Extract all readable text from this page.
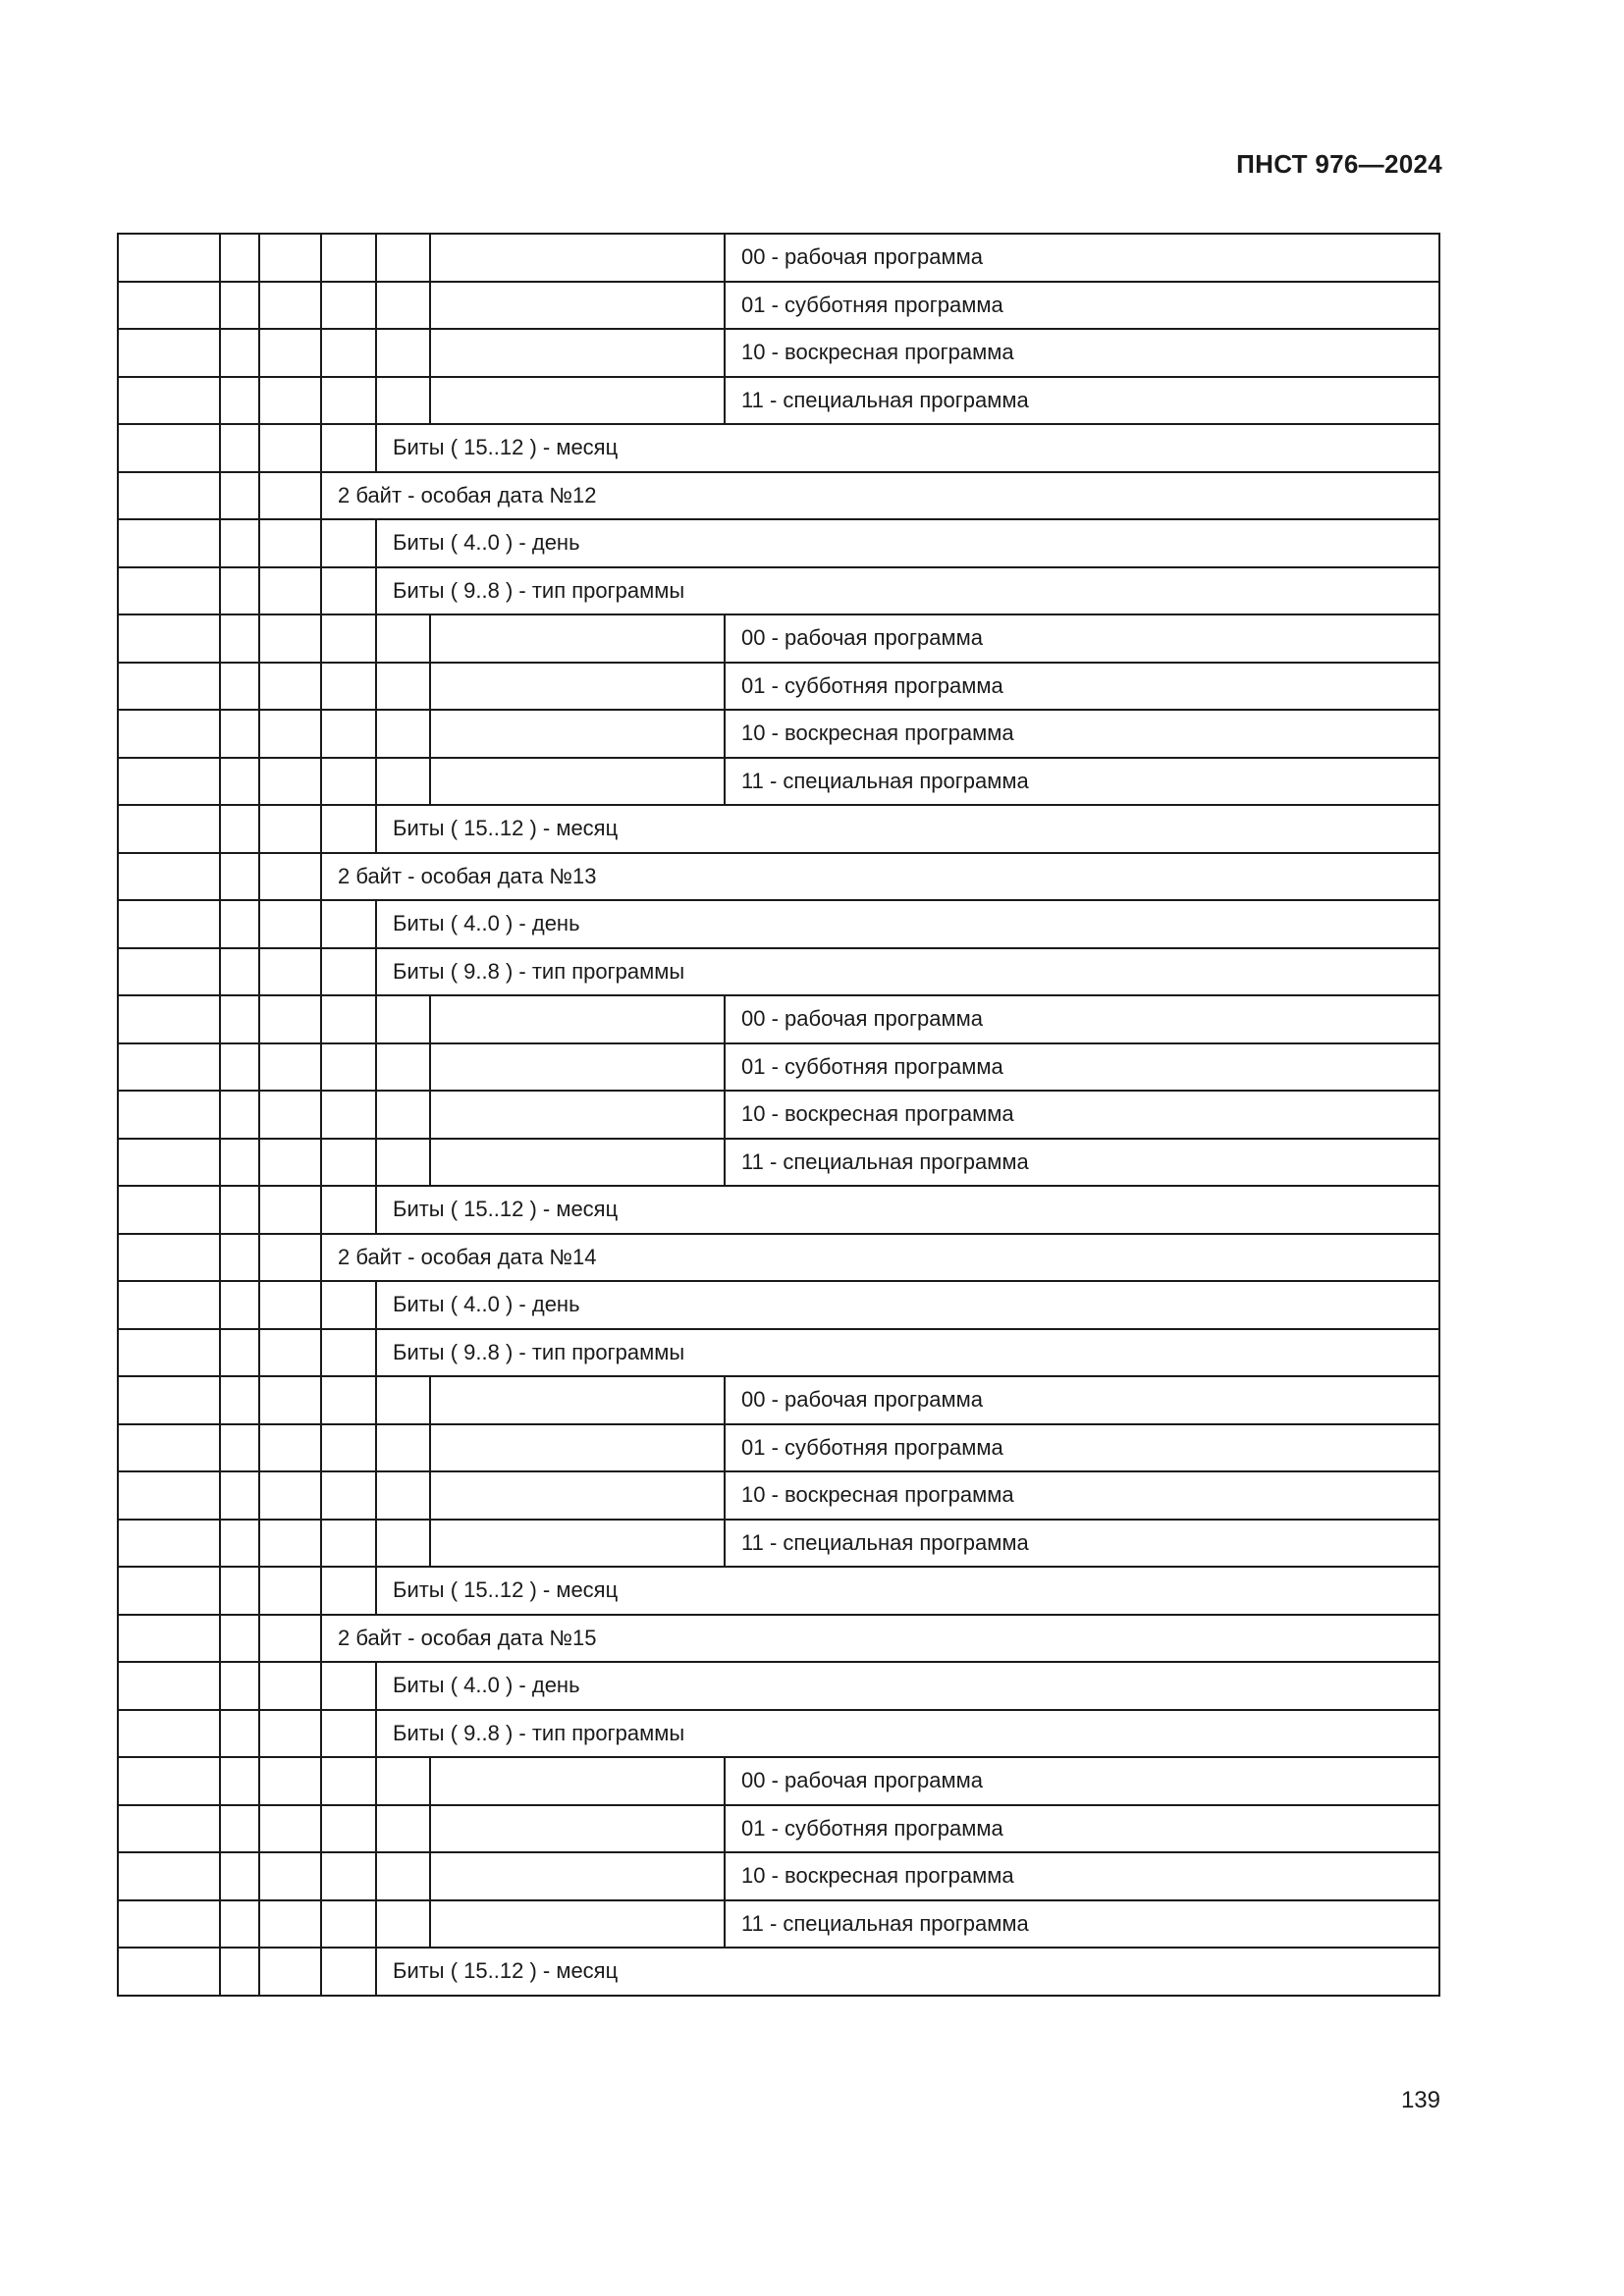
ПНСТ 976—2024
						00 - рабочая программа
						01 - субботняя программа
						10 - воскресная программа
						11 - специальная программа
				Биты ( 15..12 ) - месяц		
			2 байт - особая дата №12			
				Биты ( 4..0 ) - день		
				Биты ( 9..8 ) - тип программы		
						00 - рабочая программа
						01 - субботняя программа
						10 - воскресная программа
						11 - специальная программа
				Биты ( 15..12 ) - месяц		
			2 байт - особая дата №13			
				Биты ( 4..0 ) - день		
				Биты ( 9..8 ) - тип программы		
						00 - рабочая программа
						01 - субботняя программа
						10 - воскресная программа
						11 - специальная программа
				Биты ( 15..12 ) - месяц		
			2 байт - особая дата №14			
				Биты ( 4..0 ) - день		
				Биты ( 9..8 ) - тип программы		
						00 - рабочая программа
						01 - субботняя программа
						10 - воскресная программа
						11 - специальная программа
				Биты ( 15..12 ) - месяц		
			2 байт - особая дата №15			
				Биты ( 4..0 ) - день		
				Биты ( 9..8 ) - тип программы		
						00 - рабочая программа
						01 - субботняя программа
						10 - воскресная программа
						11 - специальная программа
				Биты ( 15..12 ) - месяц		
139
